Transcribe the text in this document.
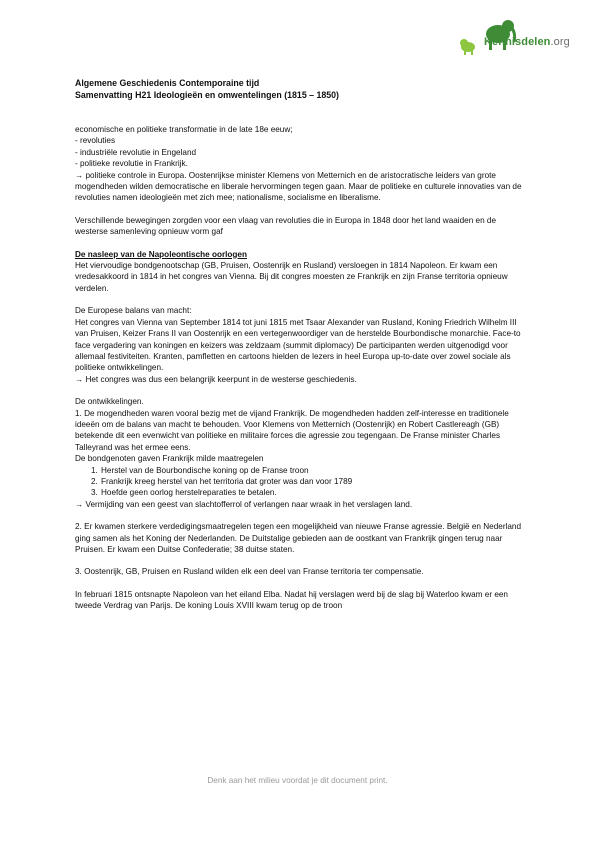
Kennisdelen.org
Algemene Geschiedenis Contemporaine tijd
Samenvatting H21 Ideologieën en omwentelingen (1815 – 1850)
economische en politieke transformatie in de late 18e eeuw;
- revoluties
- industriële revolutie in Engeland
- politieke revolutie in Frankrijk.
→ politieke controle in Europa. Oostenrijkse minister Klemens von Metternich en de aristocratische leiders van grote mogendheden wilden democratische en liberale hervormingen tegen gaan. Maar de politieke en culturele innovaties van de revoluties namen ideologieën met zich mee; nationalisme, socialisme en liberalisme.
Verschillende bewegingen zorgden voor een vlaag van revoluties die in Europa in 1848 door het land waaiden en de westerse samenleving opnieuw vorm gaf
De nasleep van de Napoleontische oorlogen
Het viervoudige bondgenootschap (GB, Pruisen, Oostenrijk en Rusland) versloegen in 1814 Napoleon. Er kwam een vredesakkoord in 1814 in het congres van Vienna. Bij dit congres moesten ze Frankrijk en zijn Franse territoria opnieuw verdelen.
De Europese balans van macht:
Het congres van Vienna van September 1814 tot juni 1815 met Tsaar Alexander van Rusland, Koning Friedrich Wilhelm III van Pruisen, Keizer Frans II van Oostenrijk en een vertegenwoordiger van de herstelde Bourbondische monarchie. Face-to face vergadering van koningen en keizers was zeldzaam (summit diplomacy) De participanten werden uitgenodigd voor allemaal festiviteiten. Kranten, pamfletten en cartoons hielden de lezers in heel Europa up-to-date over zowel sociale als politieke ontwikkelingen.
→ Het congres was dus een belangrijk keerpunt in de westerse geschiedenis.
De ontwikkelingen.
1. De mogendheden waren vooral bezig met de vijand Frankrijk. De mogendheden hadden zelf-interesse en traditionele ideeën om de balans van macht te behouden. Voor Klemens von Metternich (Oostenrijk) en Robert Castlereagh (GB) betekende dit een evenwicht van politieke en militaire forces die agressie zou tegengaan. De Franse minister Charles Talleyrand was het ermee eens.
De bondgenoten gaven Frankrijk milde maatregelen
1. Herstel van de Bourbondische koning op de Franse troon
2. Frankrijk kreeg herstel van het territoria dat groter was dan voor 1789
3. Hoefde geen oorlog herstelreparaties te betalen.
→ Vermijding van een geest van slachtofferrol of verlangen naar wraak in het verslagen land.
2. Er kwamen sterkere verdedigingsmaatregelen tegen een mogelijkheid van nieuwe Franse agressie. België en Nederland ging samen als het Koning der Nederlanden. De Duitstalige gebieden aan de oostkant van Frankrijk gingen terug naar Pruisen. Er kwam een Duitse Confederatie; 38 duitse staten.
3. Oostenrijk, GB, Pruisen en Rusland wilden elk een deel van Franse territoria ter compensatie.
In februari 1815 ontsnapte Napoleon van het eiland Elba. Nadat hij verslagen werd bij de slag bij Waterloo kwam er een tweede Verdrag van Parijs. De koning Louis XVIII kwam terug op de troon
Denk aan het milieu voordat je dit document print.
